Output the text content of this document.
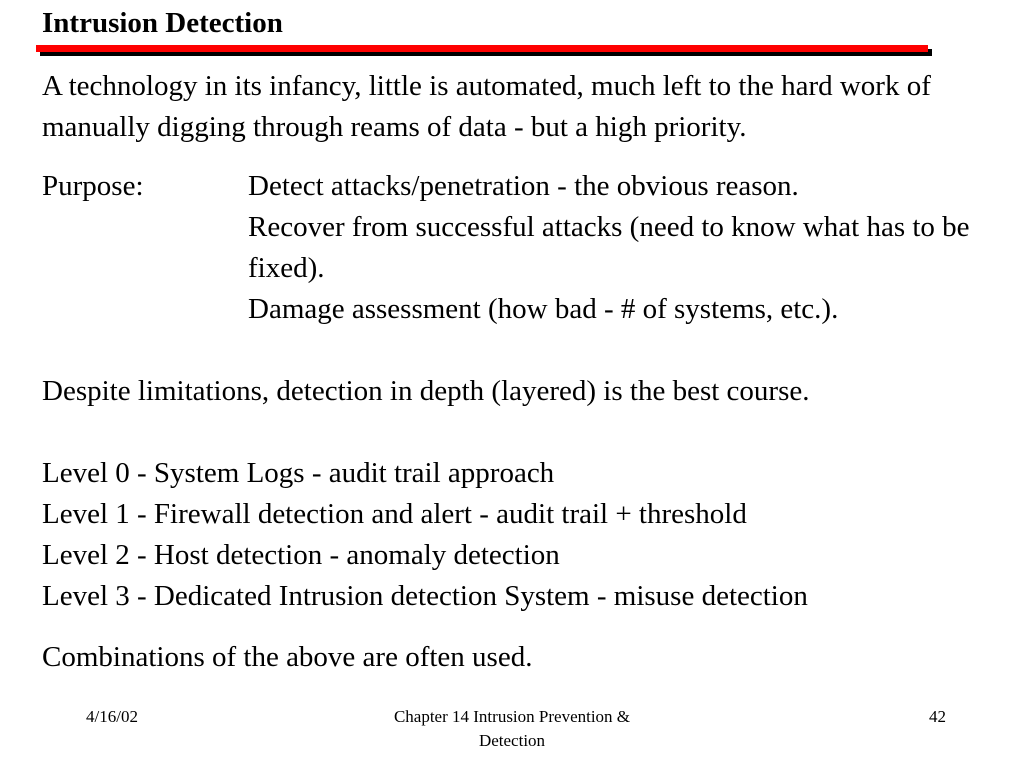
Intrusion Detection

A technology in its infancy, little is automated, much left to the hard work of manually digging through reams of data - but a high priority.

Purpose:	Detect attacks/penetration - the obvious reason.

Recover from successful attacks (need to know what has to be fixed).

Damage assessment (how bad - # of systems, etc.).

Despite limitations, detection in depth (layered) is the best course.

Level 0 - System Logs - audit trail approach

Level 1 - Firewall detection and alert - audit trail + threshold

Level 2 - Host detection - anomaly detection

Level 3 - Dedicated Intrusion detection System - misuse detection

Combinations of the above are often used.

4/16/02	Chapter 14 Intrusion Prevention & Detection
42
